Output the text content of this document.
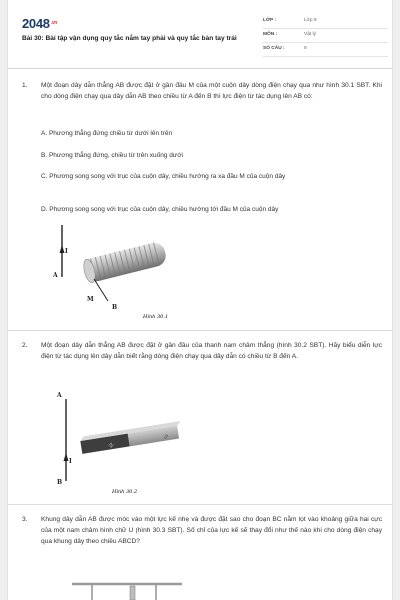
$2048^{.vn}$
Bài 30: Bài tập vận dụng quy tắc nắm tay phải và quy tắc bàn tay trái
LỚP :	Lớp 9
MÔN :	Vật lý
SỐ CÂU :	9
1.	Một đoạn dây dẫn thẳng AB được đặt ở gần đầu M của một cuộn dây dòng điện chạy qua như hình 30.1 SBT. Khi cho dòng điện chạy qua dây dẫn AB theo chiều từ A đến B thì lực điện từ tác dụng lên AB có:
A. Phương thẳng đứng chiều từ dưới lên trên
B. Phương thẳng đứng, chiều từ trên xuống dưới
C. Phương song song với trục của cuộn dây, chiều hướng ra xa đầu M của cuộn dây
D. Phương song song với trục của cuộn dây, chiều hướng tới đầu M của cuộn dây
I
A
M
B
Hình 30.1
2.	Một đoạn dây dẫn thẳng AB được đặt ở gần đầu của thanh nam châm thẳng (hình 30.2 SBT). Hãy biểu diễn lực điện từ tác dụng lên dây dẫn biết rằng dòng điện chạy qua dây dẫn có chiều từ B đến A.
A
I
B
N
S
Hình 30.2
3.	Khung dây dẫn AB được móc vào một lực kế nhẹ và được đặt sao cho đoạn BC nằm lọt vào khoảng giữa hai cực của một nam châm hình chữ U (hình 30.3 SBT). Số chỉ của lực kế sẽ thay đổi như thế nào khi cho dòng điện chạy qua khung dây theo chiều ABCD?
